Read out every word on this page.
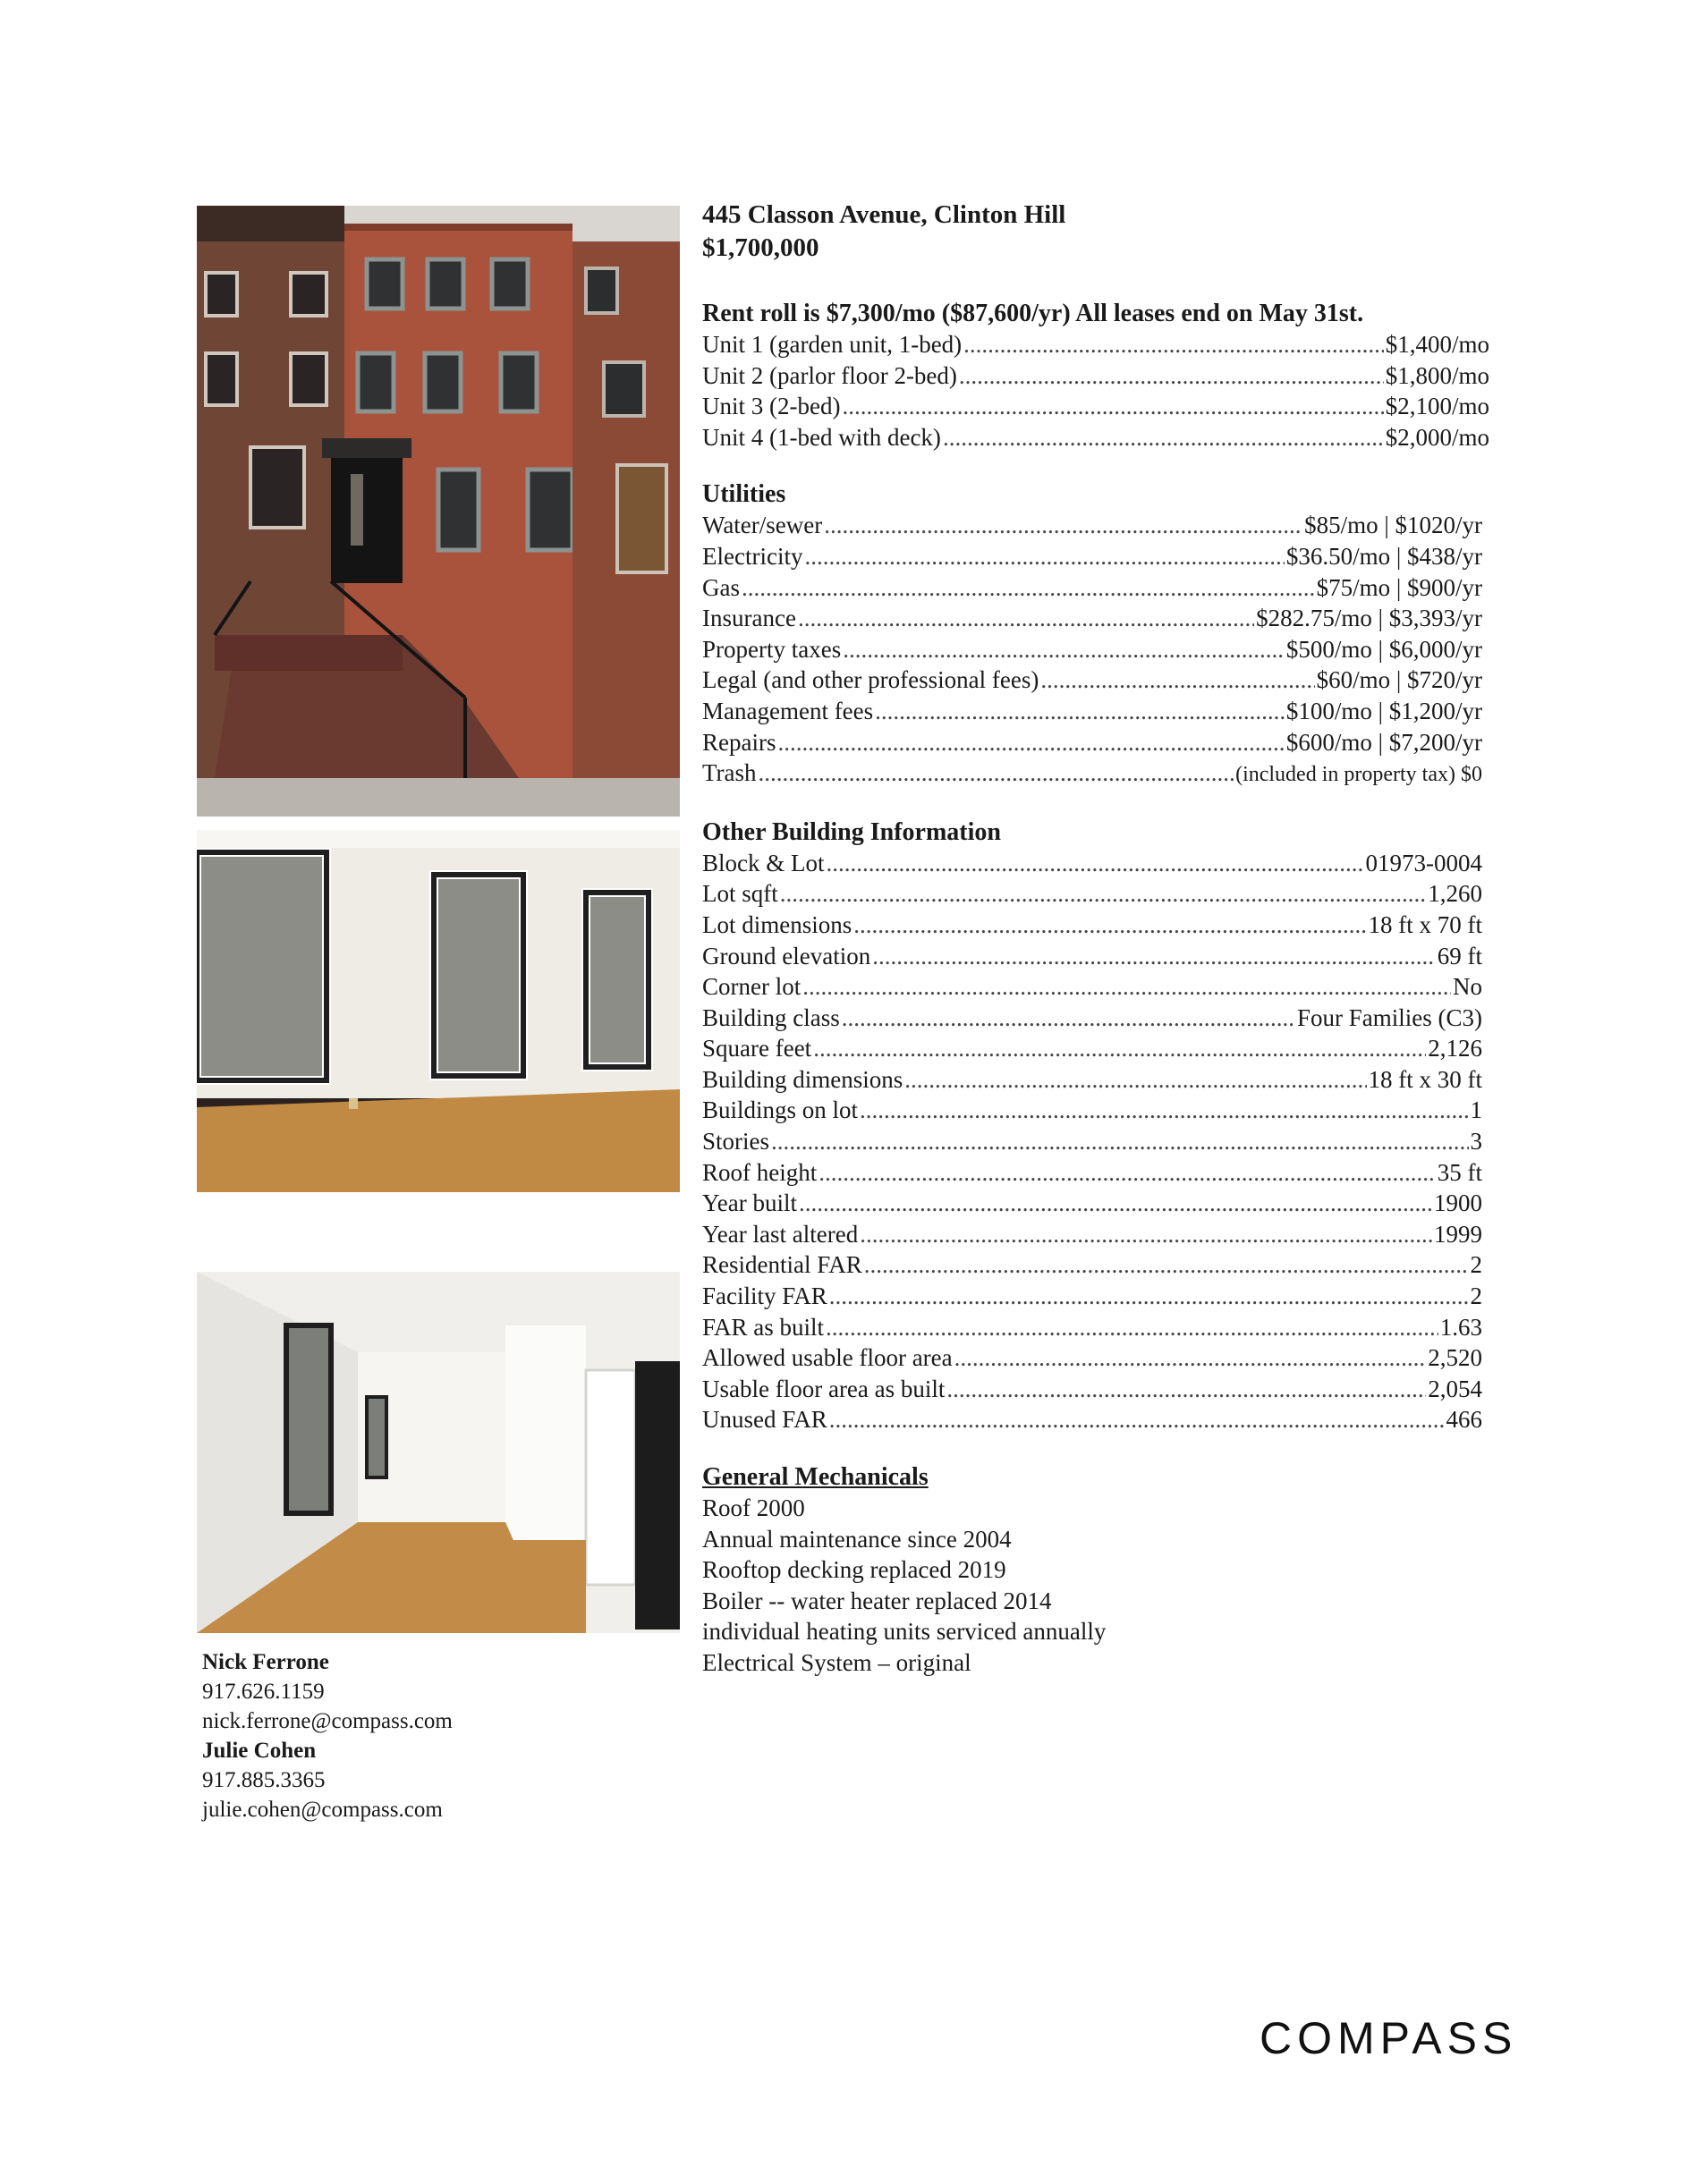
Nick Ferrone
917.626.1159
nick.ferrone@compass.com
Julie Cohen
917.885.3365
julie.cohen@compass.com
445 Classon Avenue, Clinton Hill
$1,700,000
Rent roll is $7,300/mo ($87,600/yr) All leases end on May 31st.
Unit 1 (garden unit, 1-bed) .....	$1,400/mo
Unit 2 (parlor floor 2-bed) .....	$1,800/mo
Unit 3 (2-bed) .....	$2,100/mo
Unit 4 (1-bed with deck) .....	$2,000/mo
Utilities
Water/sewer .....	$85/mo | $1020/yr
Electricity .....	$36.50/mo | $438/yr
Gas .....	$75/mo | $900/yr
Insurance .....	$282.75/mo | $3,393/yr
Property taxes .....	$500/mo | $6,000/yr
Legal (and other professional fees) .....	$60/mo | $720/yr
Management fees .....	$100/mo | $1,200/yr
Repairs .....	$600/mo | $7,200/yr
Trash .....	(included in property tax) $0
Other Building Information
Block & Lot .....	01973-0004
Lot sqft .....	1,260
Lot dimensions .....	18 ft x 70 ft
Ground elevation .....	69 ft
Corner lot .....	No
Building class .....	Four Families (C3)
Square feet .....	2,126
Building dimensions .....	18 ft x 30 ft
Buildings on lot .....	1
Stories .....	3
Roof height .....	35 ft
Year built .....	1900
Year last altered .....	1999
Residential FAR .....	2
Facility FAR .....	2
FAR as built .....	1.63
Allowed usable floor area .....	2,520
Usable floor area as built .....	2,054
Unused FAR .....	466
General Mechanicals
Roof 2000
Annual maintenance since 2004
Rooftop decking replaced 2019
Boiler -- water heater replaced 2014
individual heating units serviced annually
Electrical System – original
COMPASS
